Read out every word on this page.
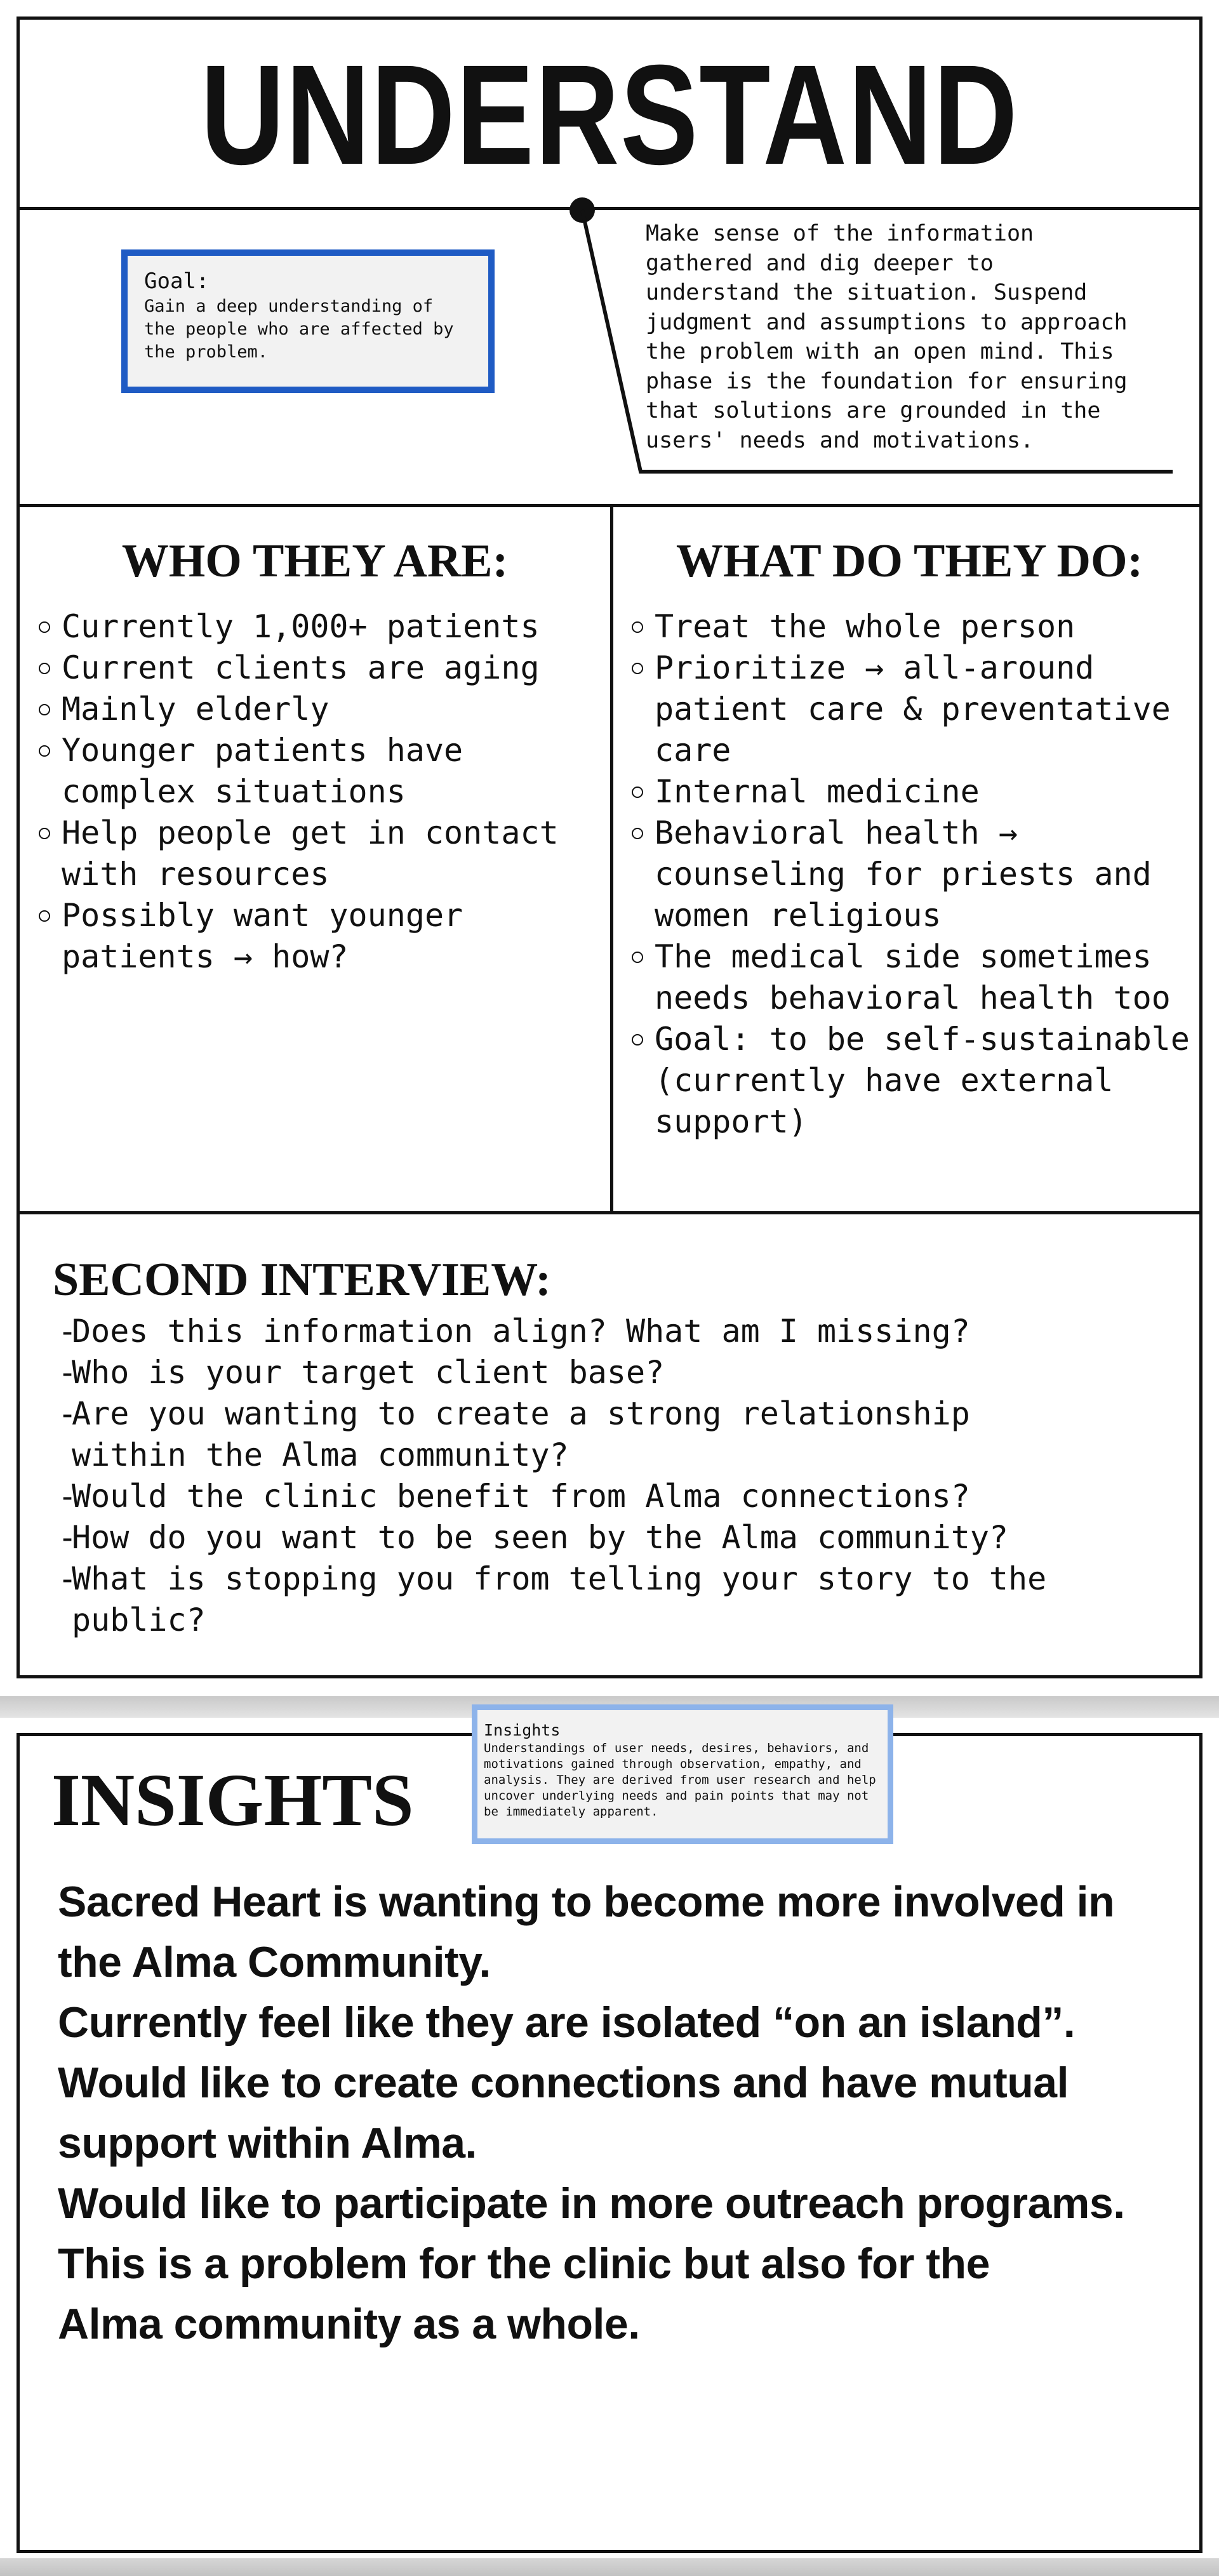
UNDERSTAND
Goal:
Gain a deep understanding of the people who are affected by the problem.
Make sense of the information
gathered and dig deeper to
understand the situation. Suspend
judgment and assumptions to approach
the problem with an open mind. This
phase is the foundation for ensuring
that solutions are grounded in the
users' needs and motivations.
WHO THEY ARE:
Currently 1,000+ patients
Current clients are aging
Mainly elderly
Younger patients have complex situations
Help people get in contact with resources
Possibly want younger patients → how?
WHAT DO THEY DO:
Treat the whole person
Prioritize → all-around patient care & preventative care
Internal medicine
Behavioral health → counseling for priests and women religious
The medical side sometimes needs behavioral health too
Goal: to be self-sustainable (currently have external support)
SECOND INTERVIEW:
- Does this information align? What am I missing?
- Who is your target client base?
- Are you wanting to create a strong relationship within the Alma community?
- Would the clinic benefit from Alma connections?
- How do you want to be seen by the Alma community?
- What is stopping you from telling your story to the public?
INSIGHTS
Insights
Understandings of user needs, desires, behaviors, and motivations gained through observation, empathy, and analysis. They are derived from user research and help uncover underlying needs and pain points that may not be immediately apparent.

Sacred Heart is wanting to become more involved in the Alma Community.

Currently feel like they are isolated “on an island”.

Would like to create connections and have mutual support within Alma.

Would like to participate in more outreach programs.

This is a problem for the clinic but also for the Alma community as a whole.
